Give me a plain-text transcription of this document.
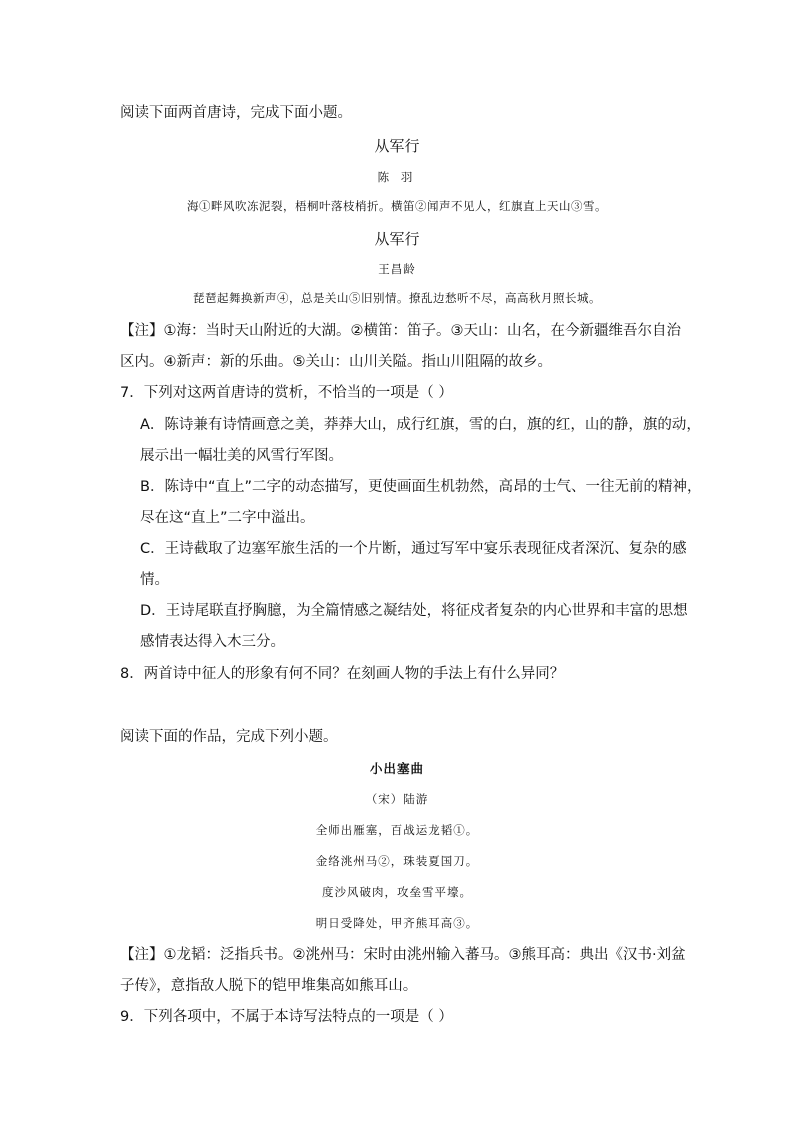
阅读下面两首唐诗，完成下面小题。
从军行
陈 羽
海①畔风吹冻泥裂，梧桐叶落枝梢折。横笛②闻声不见人，红旗直上天山③雪。
从军行
王昌龄
琵琶起舞换新声④，总是关山⑤旧别情。撩乱边愁听不尽，高高秋月照长城。
【注】①海：当时天山附近的大湖。②横笛：笛子。③天山：山名，在今新疆维吾尔自治
区内。④新声：新的乐曲。⑤关山：山川关隘。指山川阻隔的故乡。
7．下列对这两首唐诗的赏析，不恰当的一项是（ ）
A．陈诗兼有诗情画意之美，莽莽大山，成行红旗，雪的白，旗的红，山的静，旗的动，
展示出一幅壮美的风雪行军图。
B．陈诗中“直上”二字的动态描写，更使画面生机勃然，高昂的士气、一往无前的精神，
尽在这“直上”二字中溢出。
C．王诗截取了边塞军旅生活的一个片断，通过写军中宴乐表现征戍者深沉、复杂的感
情。
D．王诗尾联直抒胸臆，为全篇情感之凝结处，将征戍者复杂的内心世界和丰富的思想
感情表达得入木三分。
8．两首诗中征人的形象有何不同？在刻画人物的手法上有什么异同？
阅读下面的作品，完成下列小题。
小出塞曲
（宋）陆游
全师出雁塞，百战运龙韬①。
金络洮州马②，珠装夏国刀。
度沙风破肉，攻垒雪平壕。
明日受降处，甲齐熊耳高③。
【注】①龙韬：泛指兵书。②洮州马：宋时由洮州输入蕃马。③熊耳高：典出《汉书·刘盆
子传》，意指敌人脱下的铠甲堆集高如熊耳山。
9．下列各项中，不属于本诗写法特点的一项是（ ）
